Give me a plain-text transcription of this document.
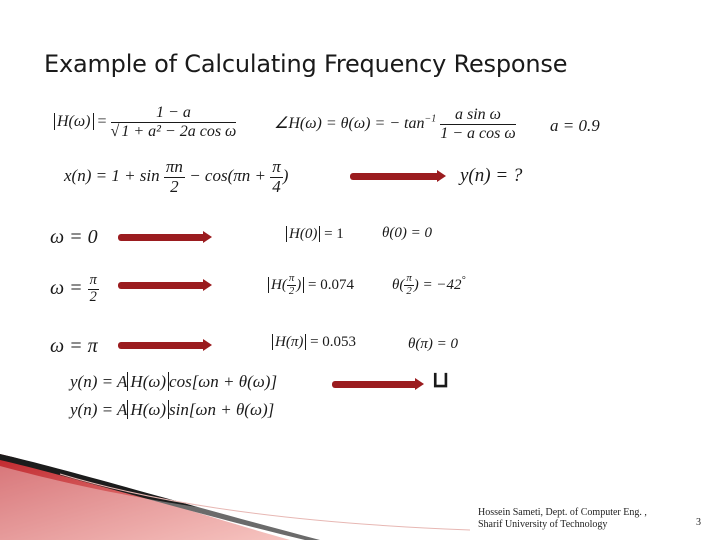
Example of Calculating Frequency Response
$H(\omega) = \frac{1 - a}{\text{√ 1 + a² − 2a cos ω}}$ ∠H(ω) = θ(ω) = − $\tan^{-1} \frac{\text{a sin ω}}{\text{1 − a cos ω}}$ a = 0.9
$x(n) = 1 + \sin \frac{\pi n}{2} - \cos(\pi n + \frac{\pi}{4}$ )	y(n) = ?
ω = 0	H(0) = 1	θ(0) = 0
$\omega = \frac{\pi}{2}$	$H( \frac{\pi}{2}$ ) = 0.074	$\theta( \frac{\pi}{2}$ ) = −42°
ω = π	H(π) = 0.053	θ(π) = 0
y(n) = A H(ω) cos[ωn + θ(ω)]	⊔
y(n) = A H(ω) sin[ωn + θ(ω)]
Hossein Sameti, Dept. of Computer Eng. ,
Sharif University of Technology	3
